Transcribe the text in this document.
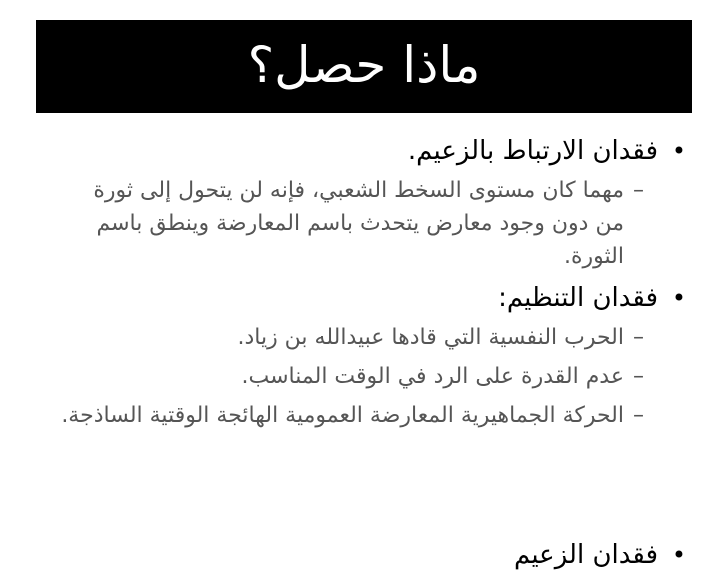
ماذا حصل؟
•
فقدان الارتباط بالزعيم.
–
مهما كان مستوى السخط الشعبي، فإنه لن يتحول إلى ثورة من دون وجود معارض يتحدث باسم المعارضة وينطق باسم الثورة.
•
فقدان التنظيم:
–
الحرب النفسية التي قادها عبيدالله بن زياد.
–
عدم القدرة على الرد في الوقت المناسب.
–
الحركة الجماهيرية المعارضة العمومية الهائجة الوقتية الساذجة.
•
فقدان الزعيم
